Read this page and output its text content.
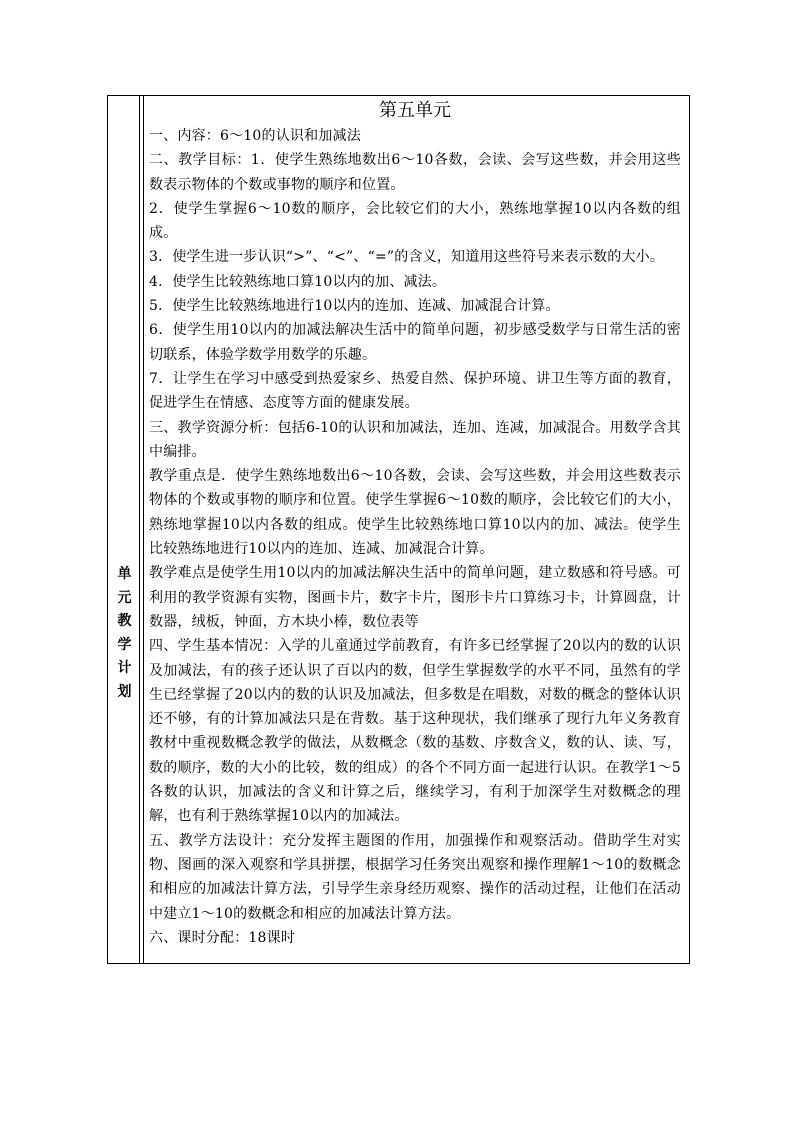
单
元
教
学
计
划
第五单元

一、内容：6～10的认识和加减法

二、教学目标：1．使学生熟练地数出6～10各数，会读、会写这些数，并会用这些数表示物体的个数或事物的顺序和位置。

2．使学生掌握6～10数的顺序，会比较它们的大小，熟练地掌握10以内各数的组成。

3．使学生进一步认识“>”、“<”、“=”的含义，知道用这些符号来表示数的大小。

4．使学生比较熟练地口算10以内的加、减法。

5．使学生比较熟练地进行10以内的连加、连减、加减混合计算。

6．使学生用10以内的加减法解决生活中的简单问题，初步感受数学与日常生活的密切联系，体验学数学用数学的乐趣。

7．让学生在学习中感受到热爱家乡、热爱自然、保护环境、讲卫生等方面的教育，促进学生在情感、态度等方面的健康发展。

三、教学资源分析：包括6-10的认识和加减法，连加、连减，加减混合。用数学含其中编排。

教学重点是．使学生熟练地数出6～10各数，会读、会写这些数，并会用这些数表示物体的个数或事物的顺序和位置。使学生掌握6～10数的顺序，会比较它们的大小，熟练地掌握10以内各数的组成。使学生比较熟练地口算10以内的加、减法。使学生比较熟练地进行10以内的连加、连减、加减混合计算。

教学难点是使学生用10以内的加减法解决生活中的简单问题，建立数感和符号感。可利用的教学资源有实物，图画卡片，数字卡片，图形卡片口算练习卡，计算圆盘，计数器，绒板，钟面，方木块小棒，数位表等

四、学生基本情况：入学的儿童通过学前教育，有许多已经掌握了20以内的数的认识及加减法，有的孩子还认识了百以内的数，但学生掌握数学的水平不同，虽然有的学生已经掌握了20以内的数的认识及加减法，但多数是在唱数，对数的概念的整体认识还不够，有的计算加减法只是在背数。基于这种现状，我们继承了现行九年义务教育教材中重视数概念教学的做法，从数概念（数的基数、序数含义，数的认、读、写，数的顺序，数的大小的比较，数的组成）的各个不同方面一起进行认识。在教学1～5各数的认识，加减法的含义和计算之后，继续学习，有利于加深学生对数概念的理解，也有利于熟练掌握10以内的加减法。

五、教学方法设计：充分发挥主题图的作用，加强操作和观察活动。借助学生对实物、图画的深入观察和学具拼摆，根据学习任务突出观察和操作理解1～10的数概念和相应的加减法计算方法，引导学生亲身经历观察、操作的活动过程，让他们在活动中建立1～10的数概念和相应的加减法计算方法。

六、课时分配：18课时
